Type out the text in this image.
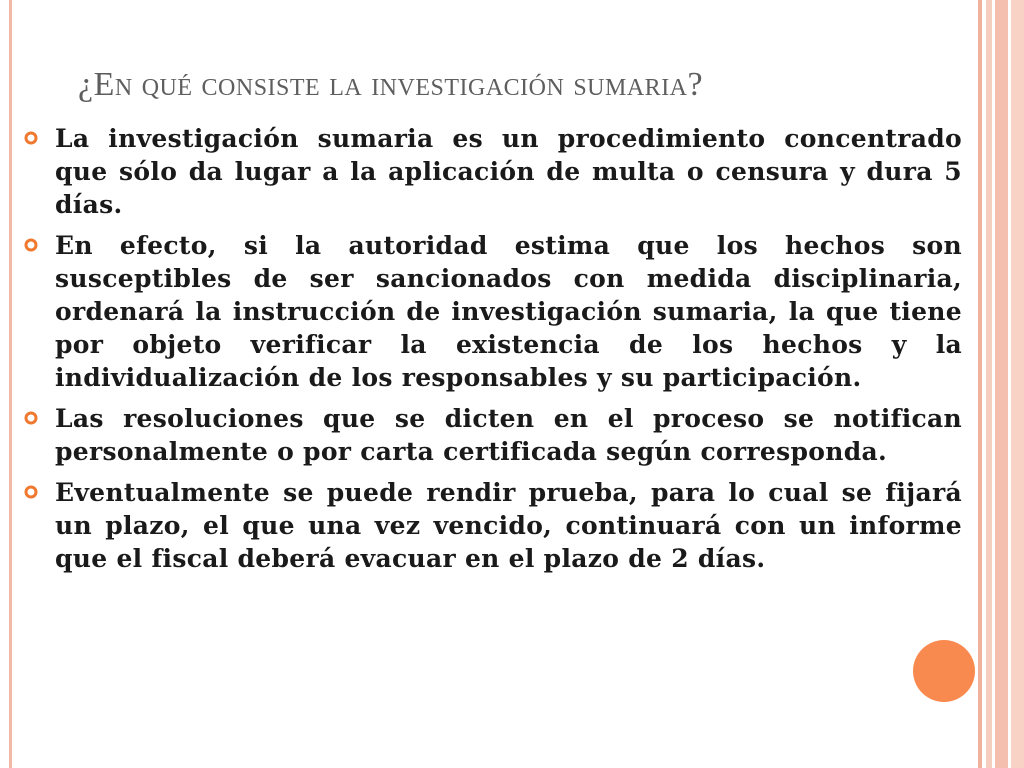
¿En qué consiste la investigación sumaria?
La investigación sumaria es un procedimiento concentrado que sólo da lugar a la aplicación de multa o censura y dura 5 días.
En efecto, si la autoridad estima que los hechos son susceptibles de ser sancionados con medida disciplinaria, ordenará la instrucción de investigación sumaria, la que tiene por objeto verificar la existencia de los hechos y la individualización de los responsables y su participación.
Las resoluciones que se dicten en el proceso se notifican personalmente o por carta certificada según corresponda.
Eventualmente se puede rendir prueba, para lo cual se fijará un plazo, el que una vez vencido, continuará con un informe que el fiscal deberá evacuar en el plazo de 2 días.
